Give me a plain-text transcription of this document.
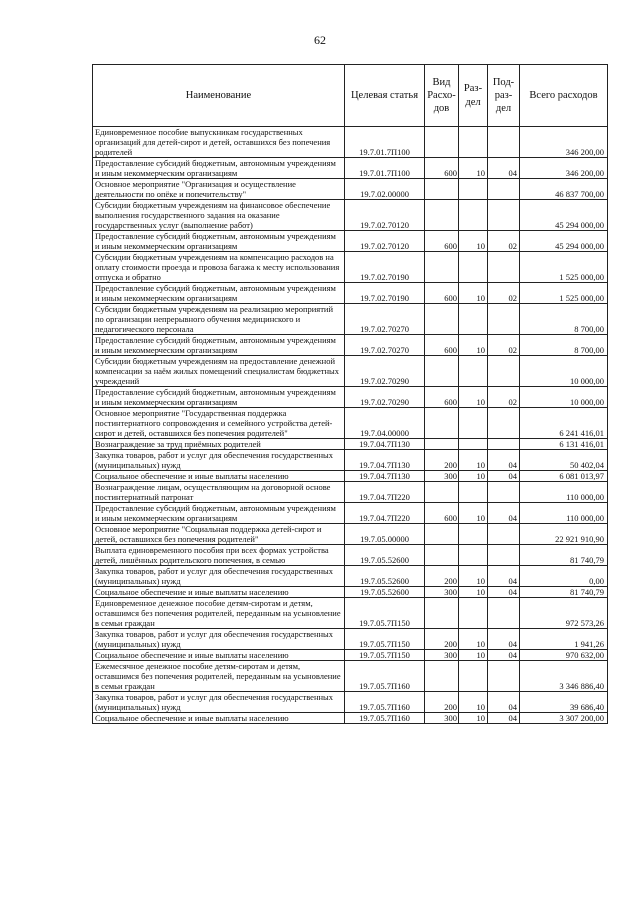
62
Наименование	Целевая статья	Вид Расхо- дов	Раз- дел	Под- раз- дел	Всего расходов
Единовременное пособие выпускникам государственных организаций для детей-сирот и детей, оставшихся без попечения родителей	19.7.01.7П100				346 200,00
Предоставление субсидий бюджетным, автономным учреждениям и иным некоммерческим организациям	19.7.01.7П100	600	10	04	346 200,00
Основное мероприятие "Организация и осуществление деятельности по опёке и попечительству"	19.7.02.00000				46 837 700,00
Субсидии бюджетным учреждениям на финансовое обеспечение выполнения государственного задания на оказание государственных услуг (выполнение работ)	19.7.02.70120				45 294 000,00
Предоставление субсидий бюджетным, автономным учреждениям и иным некоммерческим организациям	19.7.02.70120	600	10	02	45 294 000,00
Субсидии бюджетным учреждениям на компенсацию расходов на оплату стоимости проезда и провоза багажа к месту использования отпуска и обратно	19.7.02.70190				1 525 000,00
Предоставление субсидий бюджетным, автономным учреждениям и иным некоммерческим организациям	19.7.02.70190	600	10	02	1 525 000,00
Субсидии бюджетным учреждениям на реализацию мероприятий по организации непрерывного обучения медицинского и педагогического персонала	19.7.02.70270				8 700,00
Предоставление субсидий бюджетным, автономным учреждениям и иным некоммерческим организациям	19.7.02.70270	600	10	02	8 700,00
Субсидии бюджетным учреждениям на предоставление денежной компенсации за наём жилых помещений специалистам бюджетных учреждений	19.7.02.70290				10 000,00
Предоставление субсидий бюджетным, автономным учреждениям и иным некоммерческим организациям	19.7.02.70290	600	10	02	10 000,00
Основное мероприятие "Государственная поддержка постинтернатного сопровождения и семейного устройства детей-сирот и детей, оставшихся без попечения родителей"	19.7.04.00000				6 241 416,01
Вознаграждение за труд приёмных родителей	19.7.04.7П130				6 131 416,01
Закупка товаров, работ и услуг для обеспечения государственных (муниципальных) нужд	19.7.04.7П130	200	10	04	50 402,04
Социальное обеспечение и иные выплаты населению	19.7.04.7П130	300	10	04	6 081 013,97
Вознаграждение лицам, осуществляющим на договорной основе постинтернатный патронат	19.7.04.7П220				110 000,00
Предоставление субсидий бюджетным, автономным учреждениям и иным некоммерческим организациям	19.7.04.7П220	600	10	04	110 000,00
Основное мероприятие "Социальная поддержка детей-сирот и детей, оставшихся без попечения родителей"	19.7.05.00000				22 921 910,90
Выплата единовременного пособия при всех формах устройства детей, лишённых родительского попечения, в семью	19.7.05.52600				81 740,79
Закупка товаров, работ и услуг для обеспечения государственных (муниципальных) нужд	19.7.05.52600	200	10	04	0,00
Социальное обеспечение и иные выплаты населению	19.7.05.52600	300	10	04	81 740,79
Единовременное денежное пособие детям-сиротам и детям, оставшимся без попечения родителей, переданным на усыновление в семьи граждан	19.7.05.7П150				972 573,26
Закупка товаров, работ и услуг для обеспечения государственных (муниципальных) нужд	19.7.05.7П150	200	10	04	1 941,26
Социальное обеспечение и иные выплаты населению	19.7.05.7П150	300	10	04	970 632,00
Ежемесячное денежное пособие детям-сиротам и детям, оставшимся без попечения родителей, переданным на усыновление в семьи граждан	19.7.05.7П160				3 346 886,40
Закупка товаров, работ и услуг для обеспечения государственных (муниципальных) нужд	19.7.05.7П160	200	10	04	39 686,40
Социальное обеспечение и иные выплаты населению	19.7.05.7П160	300	10	04	3 307 200,00
